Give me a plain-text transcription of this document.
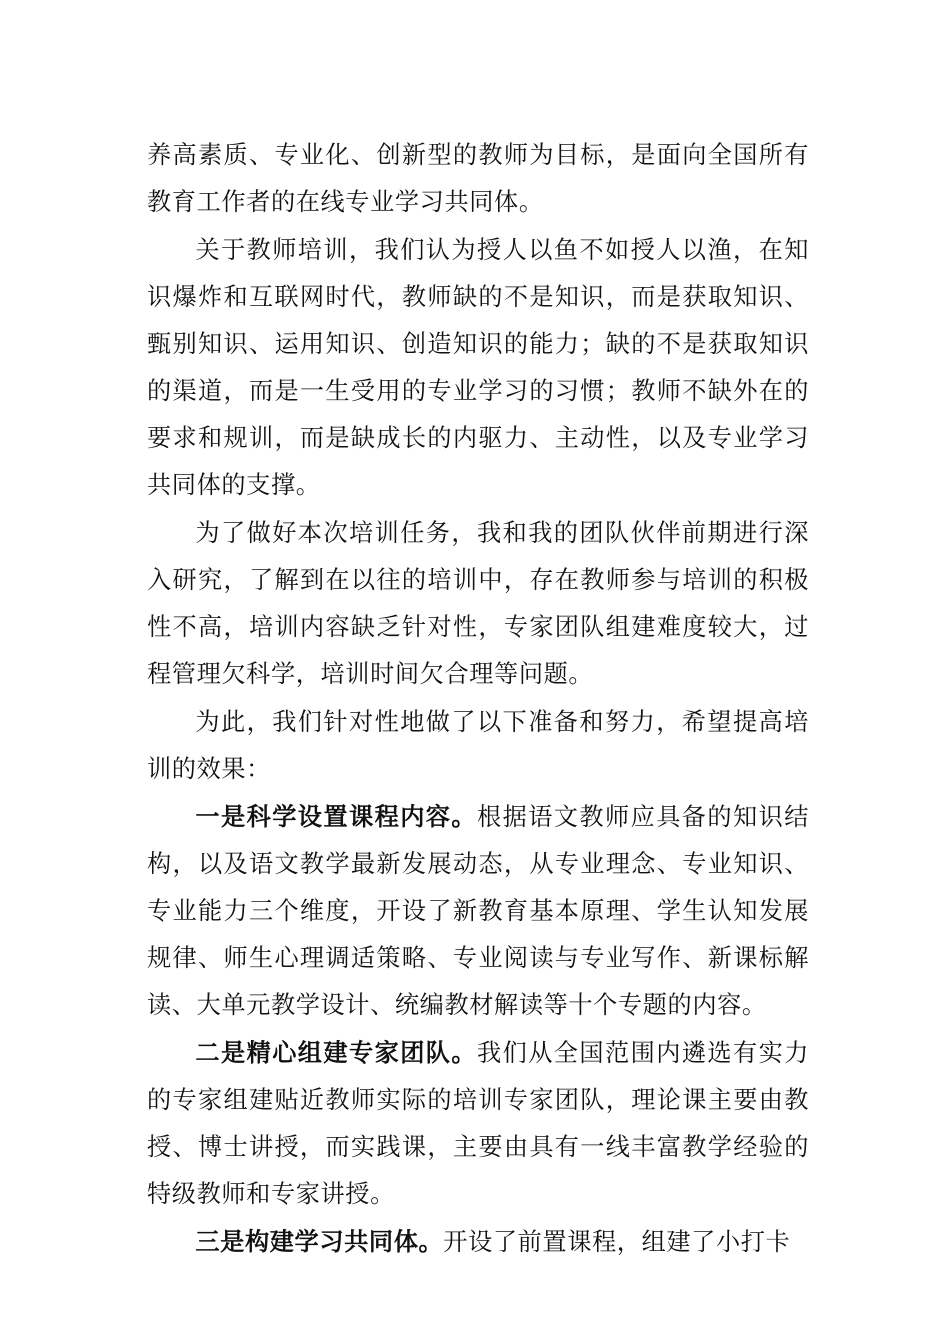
养高素质、专业化、创新型的教师为目标，是面向全国所有教育工作者的在线专业学习共同体。

关于教师培训，我们认为授人以鱼不如授人以渔，在知识爆炸和互联网时代，教师缺的不是知识，而是获取知识、甄别知识、运用知识、创造知识的能力；缺的不是获取知识的渠道，而是一生受用的专业学习的习惯；教师不缺外在的要求和规训，而是缺成长的内驱力、主动性，以及专业学习共同体的支撑。

为了做好本次培训任务，我和我的团队伙伴前期进行深入研究，了解到在以往的培训中，存在教师参与培训的积极性不高，培训内容缺乏针对性，专家团队组建难度较大，过程管理欠科学，培训时间欠合理等问题。

为此，我们针对性地做了以下准备和努力，希望提高培训的效果：

一是科学设置课程内容。根据语文教师应具备的知识结构，以及语文教学最新发展动态，从专业理念、专业知识、专业能力三个维度，开设了新教育基本原理、学生认知发展规律、师生心理调适策略、专业阅读与专业写作、新课标解读、大单元教学设计、统编教材解读等十个专题的内容。

二是精心组建专家团队。我们从全国范围内遴选有实力的专家组建贴近教师实际的培训专家团队，理论课主要由教授、博士讲授，而实践课，主要由具有一线丰富教学经验的特级教师和专家讲授。

三是构建学习共同体。开设了前置课程，组建了小打卡
